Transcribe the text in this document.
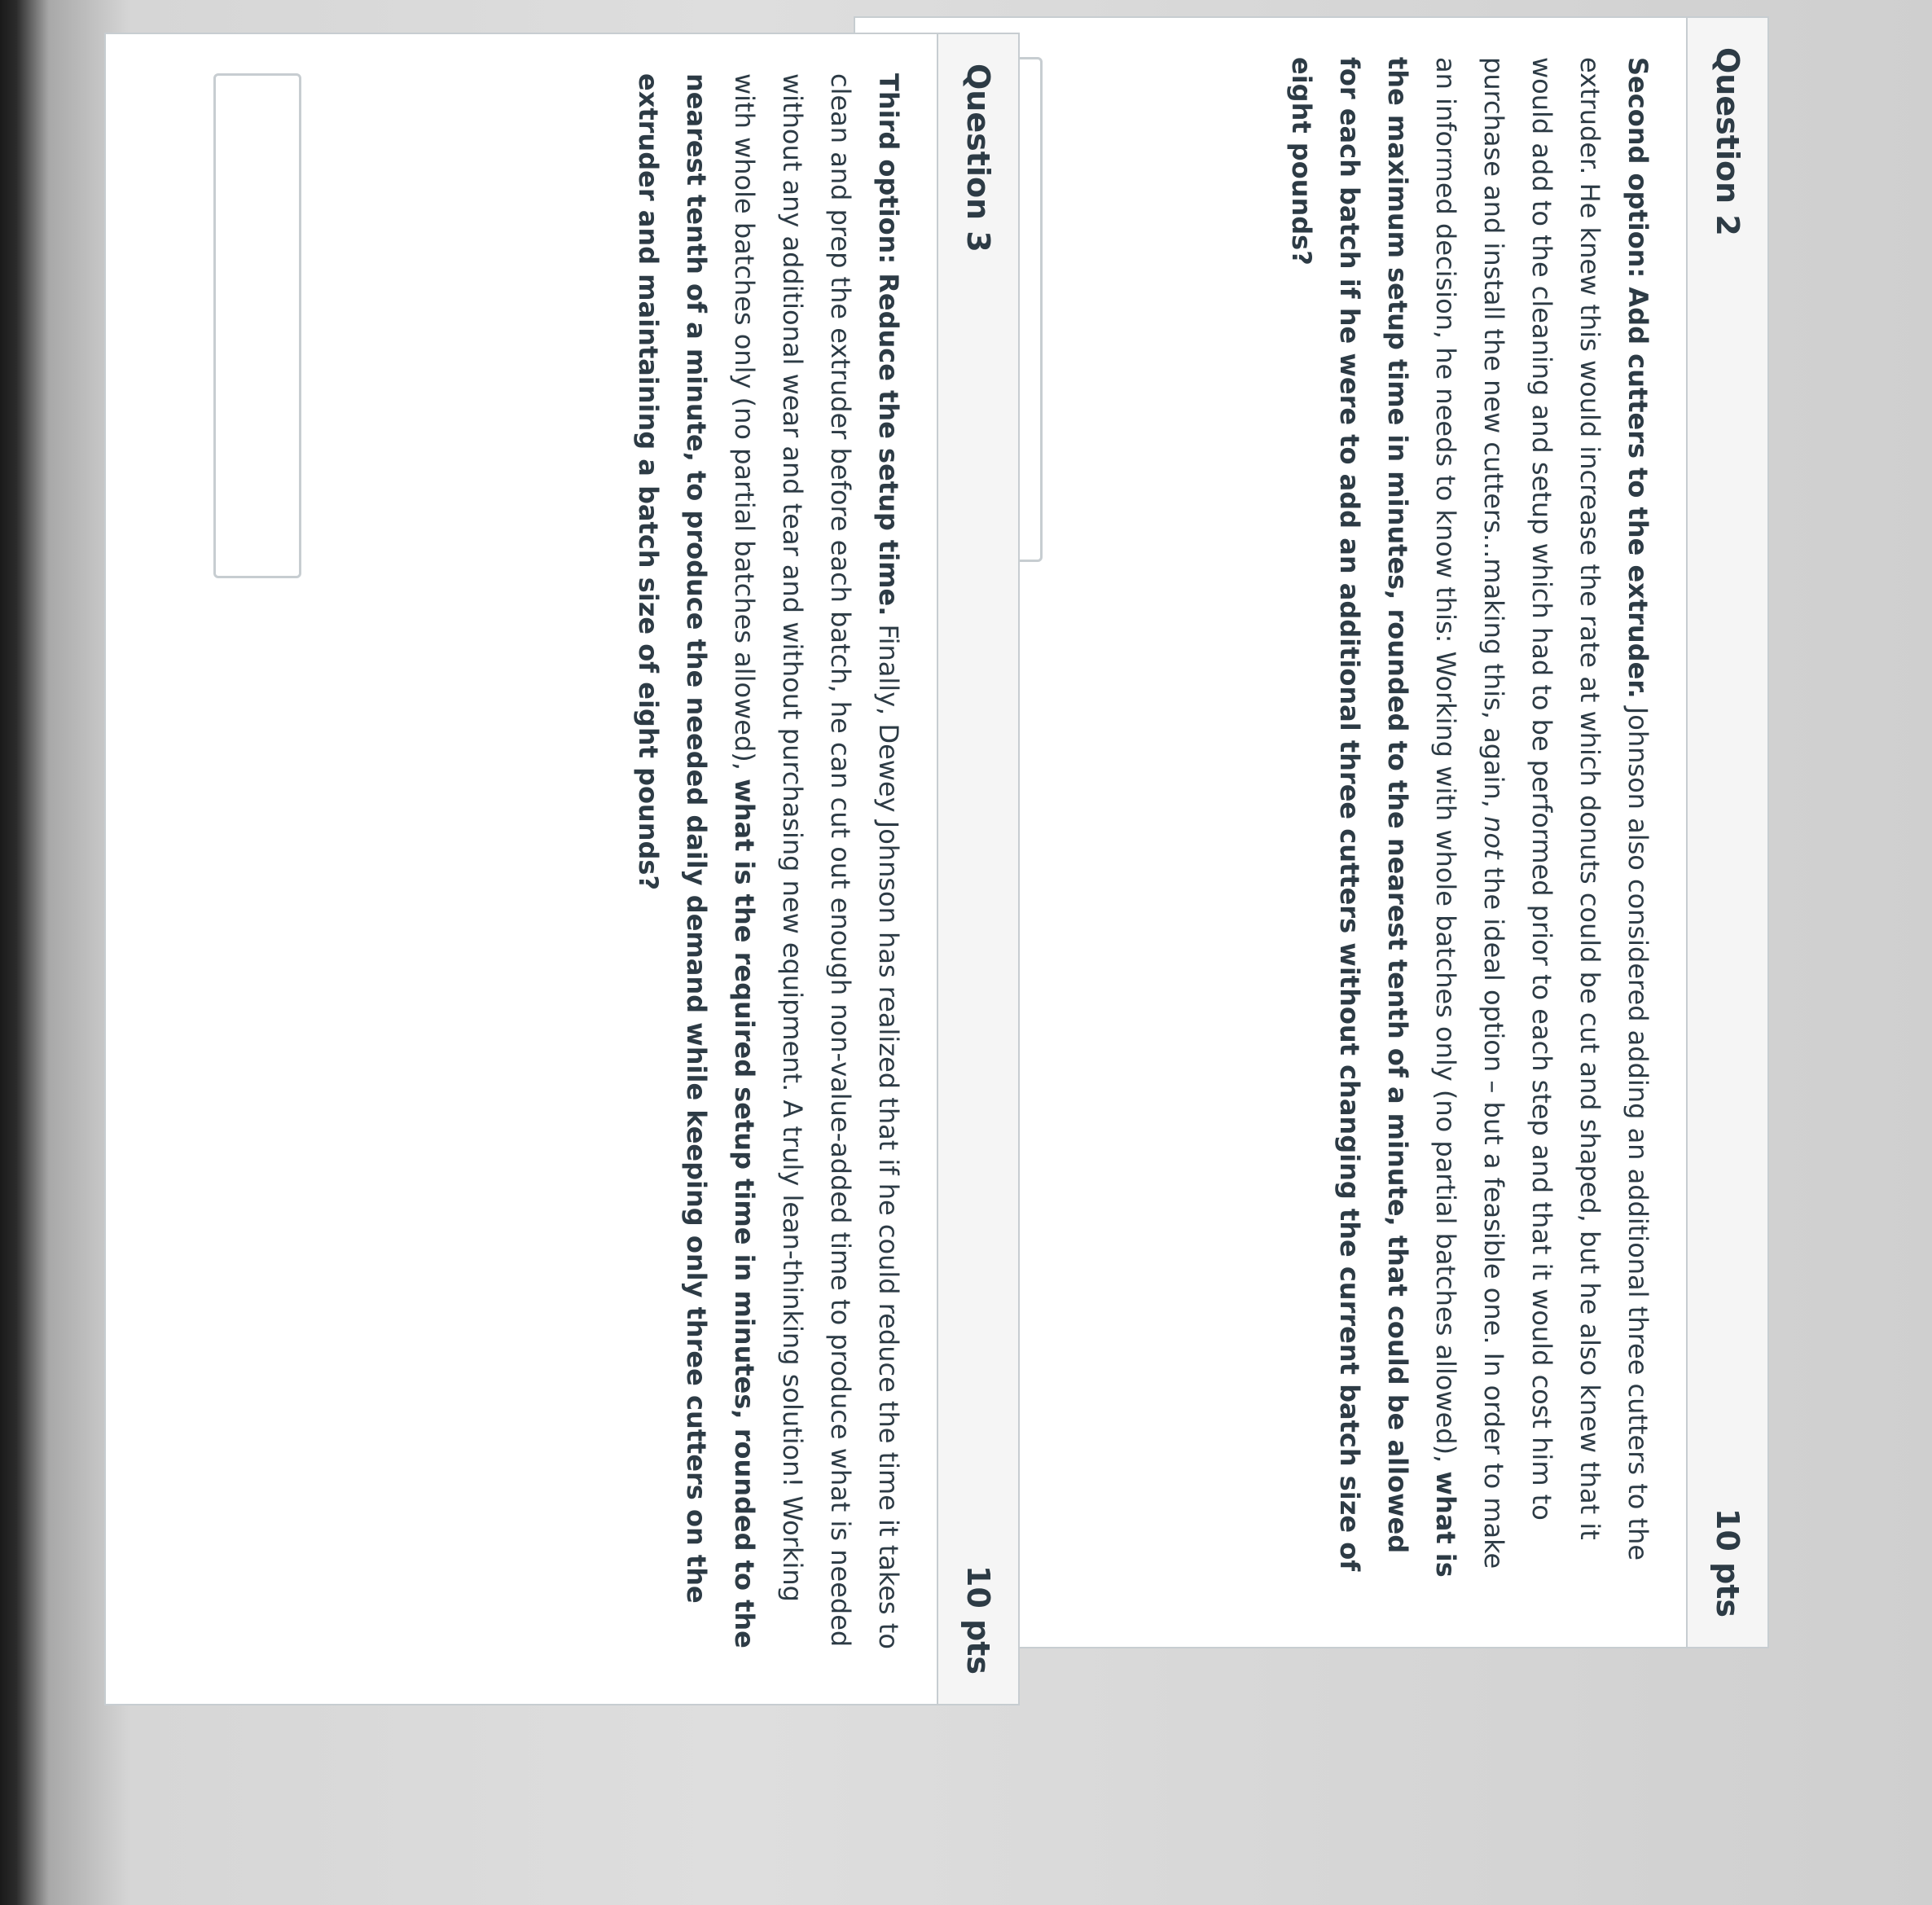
Question 2
10 pts

Second option: Add cutters to the extruder. Johnson also considered adding an additional three cutters to the extruder. He knew this would increase the rate at which donuts could be cut and shaped, but he also knew that it would add to the cleaning and setup which had to be performed prior to each step and that it would cost him to purchase and install the new cutters...making this, again, not the ideal option – but a feasible one. In order to make an informed decision, he needs to know this: Working with whole batches only (no partial batches allowed), what is the maximum setup time in minutes, rounded to the nearest tenth of a minute, that could be allowed for each batch if he were to add an additional three cutters without changing the current batch size of eight pounds?

Question 3
10 pts

Third option: Reduce the setup time. Finally, Dewey Johnson has realized that if he could reduce the time it takes to clean and prep the extruder before each batch, he can cut out enough non-value-added time to produce what is needed without any additional wear and tear and without purchasing new equipment. A truly lean-thinking solution! Working with whole batches only (no partial batches allowed), what is the required setup time in minutes, rounded to the nearest tenth of a minute, to produce the needed daily demand while keeping only three cutters on the extruder and maintaining a batch size of eight pounds?
